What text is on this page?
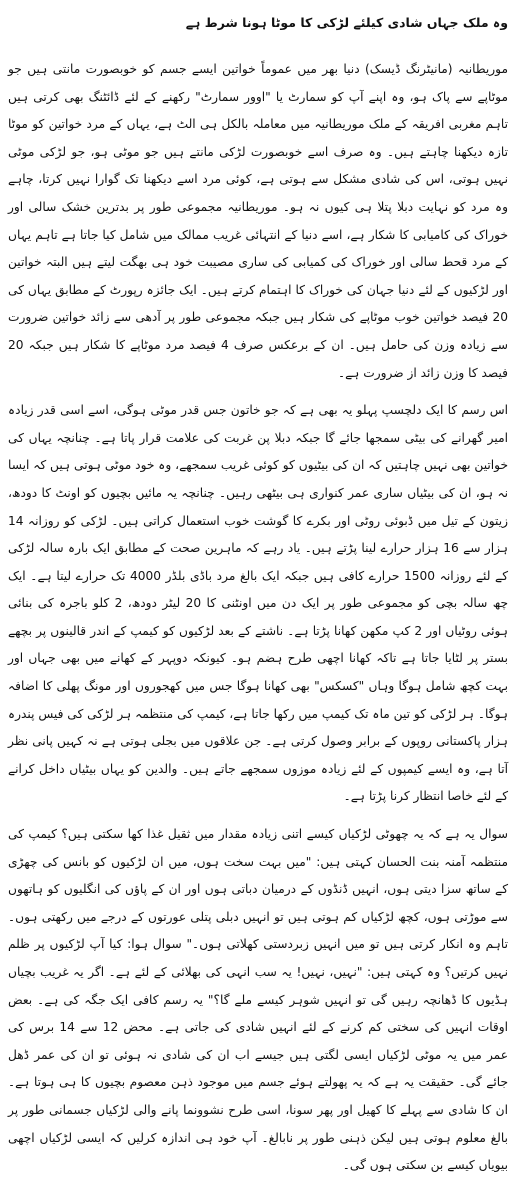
وہ ملک جہاں شادی کیلئے لڑکی کا موٹا ہونا شرط ہے

موریطانیہ (مانیٹرنگ ڈیسک) دنیا بھر میں عموماً خواتین ایسے جسم کو خوبصورت مانتی ہیں جو موٹاپے سے پاک ہو، وہ اپنے آپ کو سمارٹ یا "اوور سمارٹ" رکھنے کے لئے ڈائٹنگ بھی کرتی ہیں تاہم مغربی افریقہ کے ملک موریطانیہ میں معاملہ بالکل ہی الٹ ہے، یہاں کے مرد خواتین کو موٹا تازہ دیکھنا چاہتے ہیں۔ وہ صرف اسے خوبصورت لڑکی مانتے ہیں جو موٹی ہو، جو لڑکی موٹی نہیں ہوتی، اس کی شادی مشکل سے ہوتی ہے، کوئی مرد اسے دیکھنا تک گوارا نہیں کرتا، چاہے وہ مرد کو نہایت دبلا پتلا ہی کیوں نہ ہو۔ موریطانیہ مجموعی طور پر بدترین خشک سالی اور خوراک کی کامیابی کا شکار ہے، اسے دنیا کے انتہائی غریب ممالک میں شامل کیا جاتا ہے تاہم یہاں کے مرد قحط سالی اور خوراک کی کمیابی کی ساری مصیبت خود ہی بھگت لیتے ہیں البتہ خواتین اور لڑکیوں کے لئے دنیا جہان کی خوراک کا اہتمام کرتے ہیں۔ ایک جائزہ رپورٹ کے مطابق یہاں کی 20 فیصد خواتین خوب موٹاپے کی شکار ہیں جبکہ مجموعی طور پر آدھی سے زائد خواتین ضرورت سے زیادہ وزن کی حامل ہیں۔ ان کے برعکس صرف 4 فیصد مرد موٹاپے کا شکار ہیں جبکہ 20 فیصد کا وزن زائد از ضرورت ہے۔

اس رسم کا ایک دلچسپ پہلو یہ بھی ہے کہ جو خاتون جس قدر موٹی ہوگی، اسے اسی قدر زیادہ امیر گھرانے کی بیٹی سمجھا جائے گا جبکہ دبلا پن غربت کی علامت قرار پاتا ہے۔ چنانچہ یہاں کی خواتین بھی نہیں چاہتیں کہ ان کی بیٹیوں کو کوئی غریب سمجھے، وہ خود موٹی ہوتی ہیں کہ ایسا نہ ہو، ان کی بیٹیاں ساری عمر کنواری ہی بیٹھی رہیں۔ چنانچہ یہ مائیں بچیوں کو اونٹ کا دودھ، زیتون کے تیل میں ڈبوئی روٹی اور بکرے کا گوشت خوب استعمال کراتی ہیں۔ لڑکی کو روزانہ 14 ہزار سے 16 ہزار حرارے لینا پڑتے ہیں۔ یاد رہے کہ ماہرین صحت کے مطابق ایک بارہ سالہ لڑکی کے لئے روزانہ 1500 حرارے کافی ہیں جبکہ ایک بالغ مرد باڈی بلڈر 4000 تک حرارے لیتا ہے۔ ایک چھ سالہ بچی کو مجموعی طور پر ایک دن میں اونٹنی کا 20 لیٹر دودھ، 2 کلو باجرہ کی بنائی ہوئی روٹیاں اور 2 کپ مکھن کھانا پڑتا ہے۔ ناشتے کے بعد لڑکیوں کو کیمپ کے اندر قالینوں پر بچھے بستر پر لٹایا جاتا ہے تاکہ کھانا اچھی طرح ہضم ہو۔ کیونکہ دوپہر کے کھانے میں بھی جہاں اور بہت کچھ شامل ہوگا وہاں "کسکس" بھی کھانا ہوگا جس میں کھجوروں اور مونگ پھلی کا اضافہ ہوگا۔ ہر لڑکی کو تین ماہ تک کیمپ میں رکھا جاتا ہے، کیمپ کی منتظمہ ہر لڑکی کی فیس پندرہ ہزار پاکستانی روپوں کے برابر وصول کرتی ہے۔ جن علاقوں میں بجلی ہوتی ہے نہ کہیں پانی نظر آتا ہے، وہ ایسے کیمپوں کے لئے زیادہ موزوں سمجھے جاتے ہیں۔ والدین کو یہاں بیٹیاں داخل کرانے کے لئے خاصا انتظار کرنا پڑتا ہے۔

سوال یہ ہے کہ یہ چھوٹی لڑکیاں کیسے اتنی زیادہ مقدار میں ثقیل غذا کھا سکتی ہیں؟ کیمپ کی منتظمہ آمنہ بنت الحسان کہتی ہیں: "میں بہت سخت ہوں، میں ان لڑکیوں کو بانس کی چھڑی کے ساتھ سزا دیتی ہوں، انہیں ڈنڈوں کے درمیان دباتی ہوں اور ان کے پاؤں کی انگلیوں کو ہاتھوں سے موڑتی ہوں، کچھ لڑکیاں کم ہوتی ہیں تو انہیں دبلی پتلی عورتوں کے درجے میں رکھتی ہوں۔ تاہم وہ انکار کرتی ہیں تو میں انہیں زبردستی کھلاتی ہوں۔" سوال ہوا: کیا آپ لڑکیوں پر ظلم نہیں کرتیں؟ وہ کہتی ہیں: "نہیں، نہیں! یہ سب انہی کی بھلائی کے لئے ہے۔ اگر یہ غریب بچیاں ہڈیوں کا ڈھانچہ رہیں گی تو انہیں شوہر کیسے ملے گا؟" یہ رسم کافی ایک جگہ کی ہے۔ بعض اوقات انہیں کی سختی کم کرنے کے لئے انہیں شادی کی جاتی ہے۔ محض 12 سے 14 برس کی عمر میں یہ موٹی لڑکیاں ایسی لگتی ہیں جیسے اب ان کی شادی نہ ہوئی تو ان کی عمر ڈھل جائے گی۔ حقیقت یہ ہے کہ یہ پھولتے ہوئے جسم میں موجود ذہن معصوم بچیوں کا ہی ہوتا ہے۔ ان کا شادی سے پہلے کا کھیل اور پھر سونا، اسی طرح نشوونما پانے والی لڑکیاں جسمانی طور پر بالغ معلوم ہوتی ہیں لیکن ذہنی طور پر نابالغ۔ آپ خود ہی اندازہ کرلیں کہ ایسی لڑکیاں اچھی بیویاں کیسے بن سکتی ہوں گی۔
